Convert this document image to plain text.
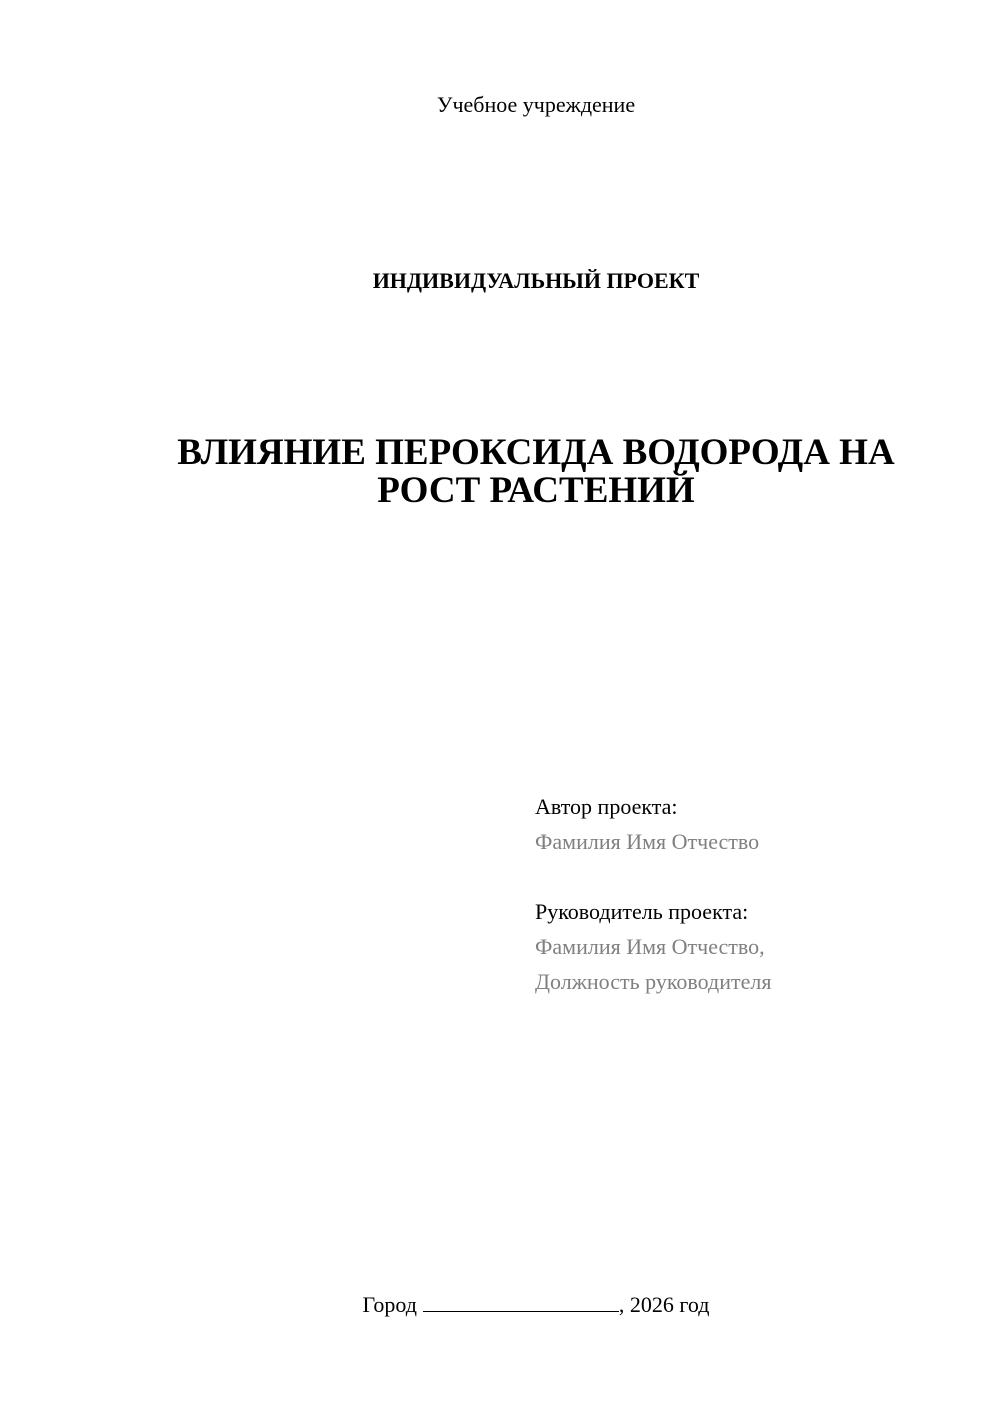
Учебное учреждение
ИНДИВИДУАЛЬНЫЙ ПРОЕКТ
ВЛИЯНИЕ ПЕРОКСИДА ВОДОРОДА НА
РОСТ РАСТЕНИЙ
Автор проекта:
Фамилия Имя Отчество
Руководитель проекта:
Фамилия Имя Отчество,
Должность руководителя
Город	, 2026 год
